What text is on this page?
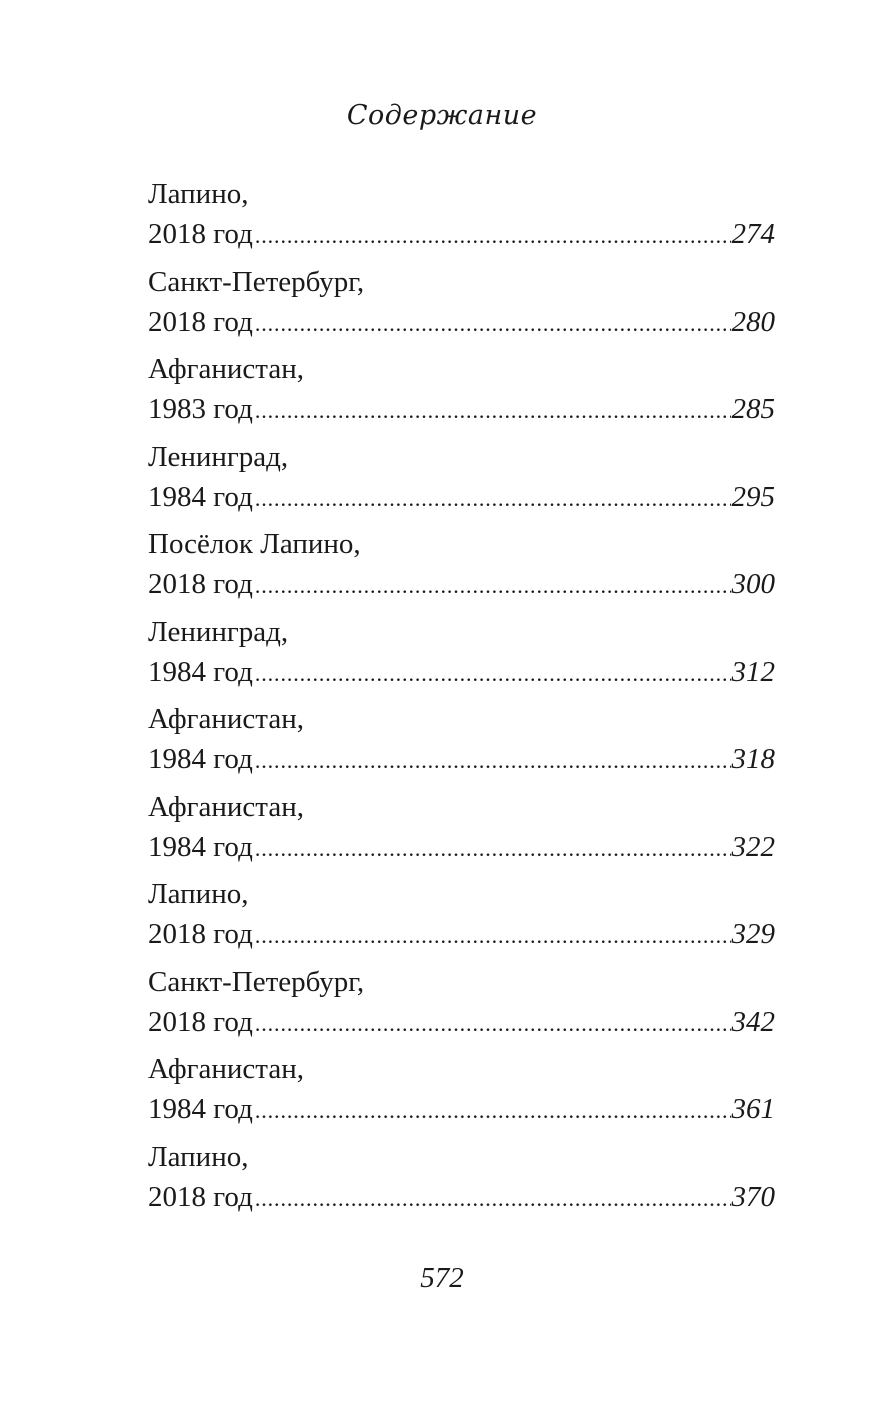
Содержание
Лапино,
2018 год .....	274
Санкт-Петербург,
2018 год .....	280
Афганистан,
1983 год .....	285
Ленинград,
1984 год .....	295
Посёлок Лапино,
2018 год .....	300
Ленинград,
1984 год .....	312
Афганистан,
1984 год .....	318
Афганистан,
1984 год .....	322
Лапино,
2018 год .....	329
Санкт-Петербург,
2018 год .....	342
Афганистан,
1984 год .....	361
Лапино,
2018 год .....	370
572
